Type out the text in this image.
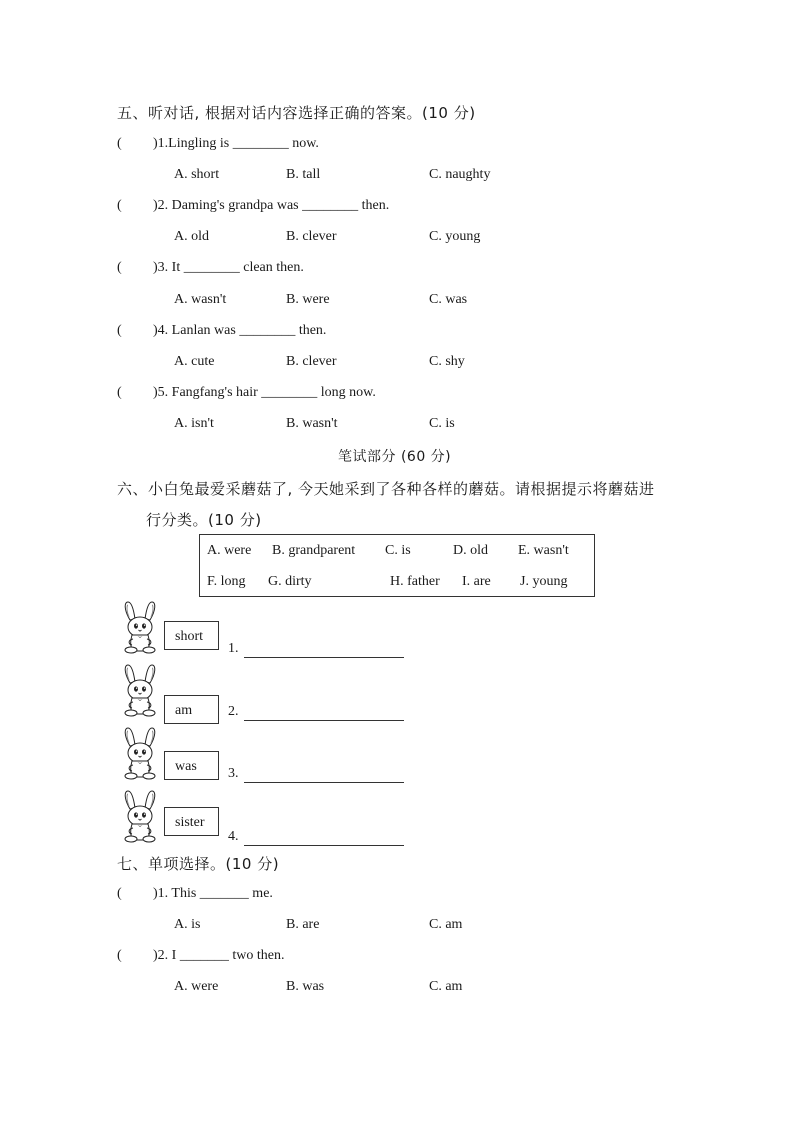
五、听对话, 根据对话内容选择正确的答案。(10 分)
( )1.Lingling is ________ now.
A. short	B. tall	C. naughty
( )2. Daming's grandpa was ________ then.
A. old	B. clever	C. young
( )3. It ________ clean then.
A. wasn't	B. were	C. was
( )4. Lanlan was ________ then.
A. cute	B. clever	C. shy
( )5. Fangfang's hair ________ long now.
A. isn't	B. wasn't	C. is
笔试部分 (60 分)
六、小白兔最爱采蘑菇了, 今天她采到了各种各样的蘑菇。请根据提示将蘑菇进
行分类。(10 分)
A. were B. grandparent C. is	D. old E. wasn't
F. long G. dirty	H. father I. are J. young
short
1.
am	2.
was	3.
sister
4.
七、单项选择。(10 分)
( )1. This _______ me.
A. is	B. are	C. am
( )2. I _______ two then.
A. were	B. was	C. am
